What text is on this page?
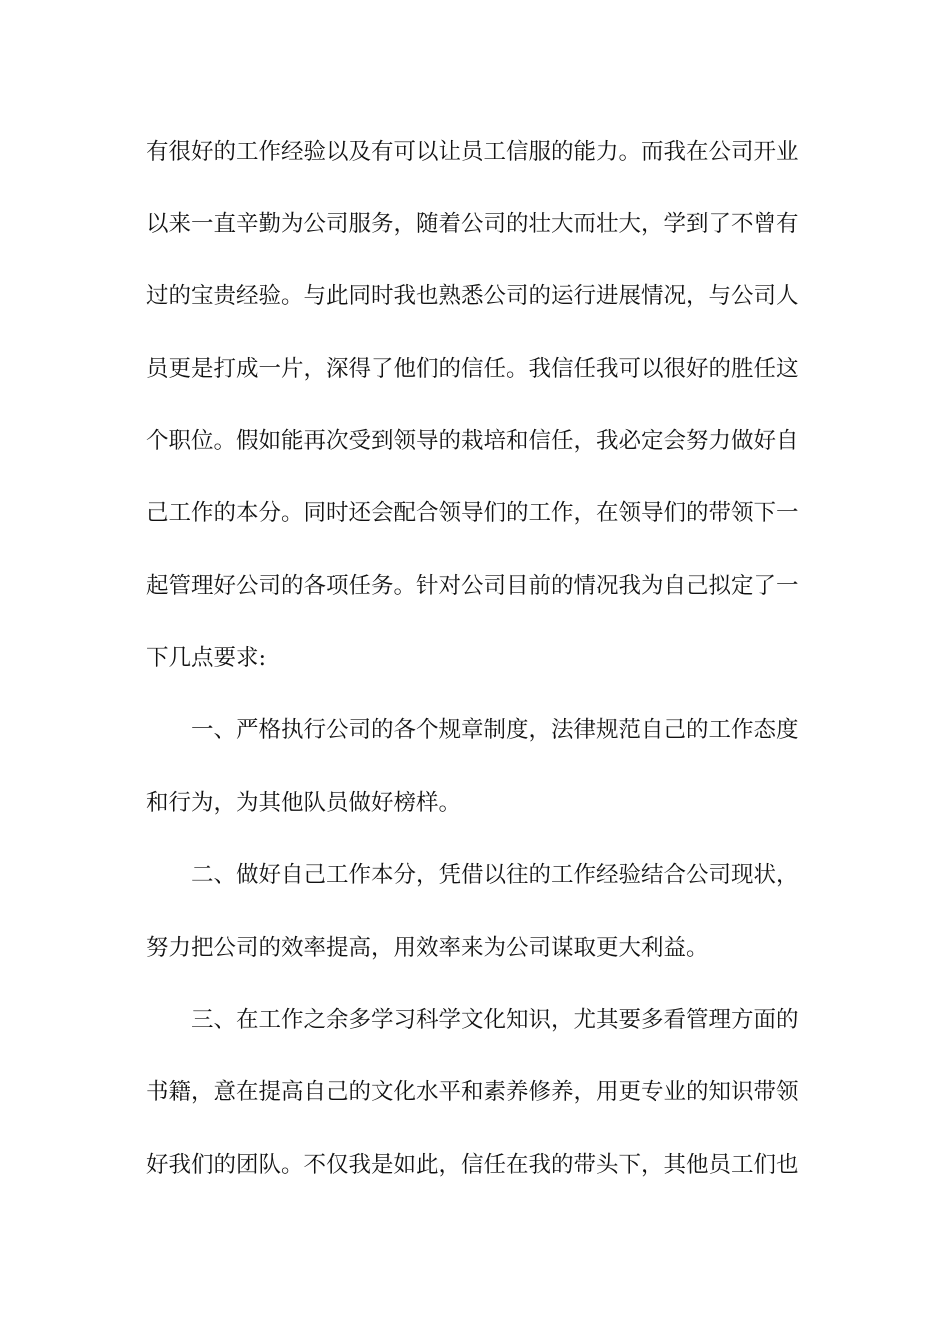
有很好的工作经验以及有可以让员工信服的能力。而我在公司开业
以来一直辛勤为公司服务，随着公司的壮大而壮大，学到了不曾有
过的宝贵经验。与此同时我也熟悉公司的运行进展情况，与公司人
员更是打成一片，深得了他们的信任。我信任我可以很好的胜任这
个职位。假如能再次受到领导的栽培和信任，我必定会努力做好自
己工作的本分。同时还会配合领导们的工作，在领导们的带领下一
起管理好公司的各项任务。针对公司目前的情况我为自己拟定了一
下几点要求:
一、严格执行公司的各个规章制度，法律规范自己的工作态度
和行为，为其他队员做好榜样。
二、做好自己工作本分，凭借以往的工作经验结合公司现状，
努力把公司的效率提高，用效率来为公司谋取更大利益。
三、在工作之余多学习科学文化知识，尤其要多看管理方面的
书籍，意在提高自己的文化水平和素养修养，用更专业的知识带领
好我们的团队。不仅我是如此，信任在我的带头下，其他员工们也
